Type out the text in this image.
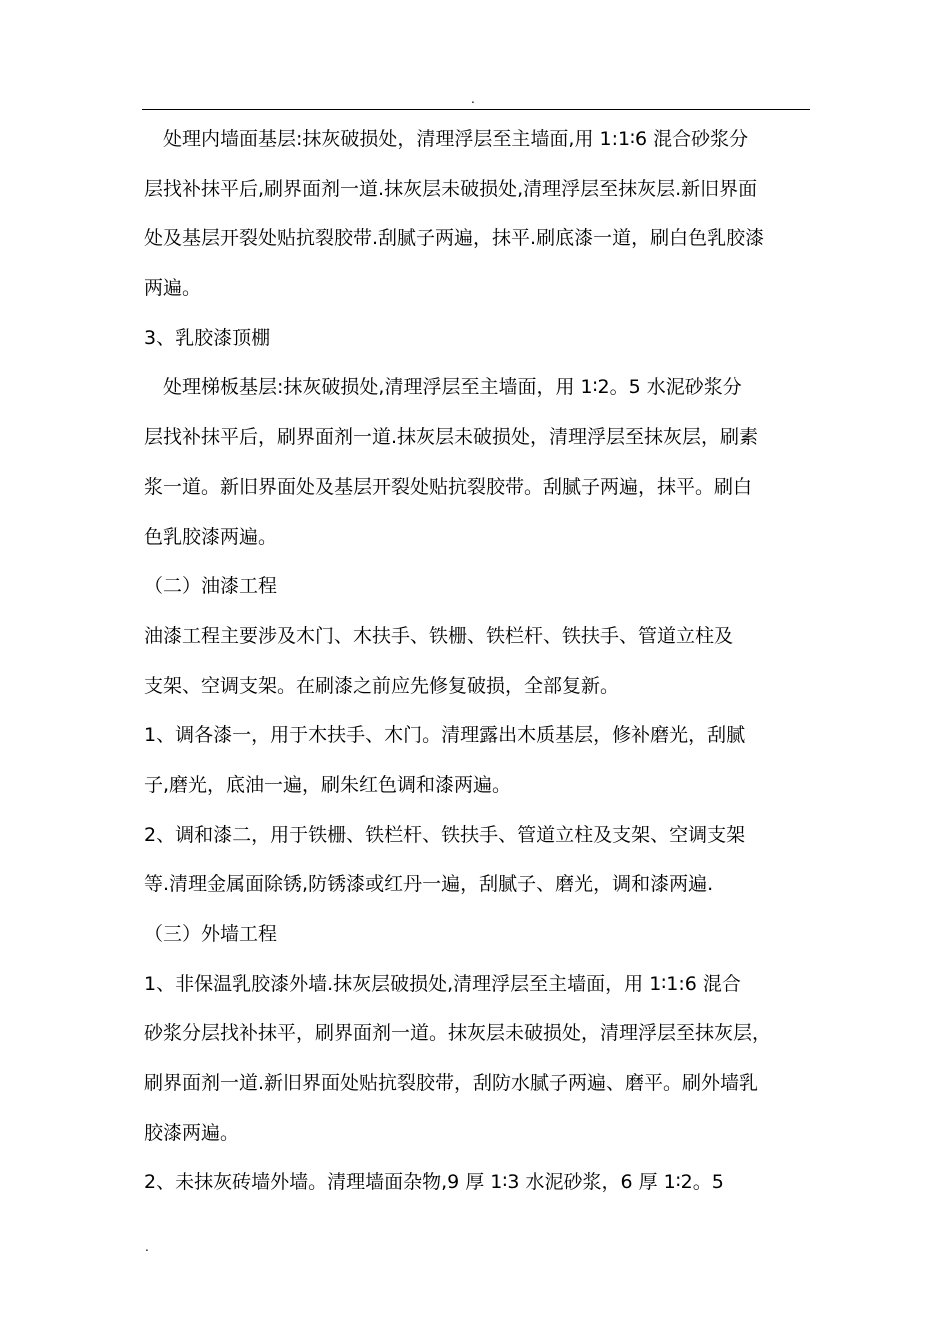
.
　处理内墙面基层:抹灰破损处，清理浮层至主墙面,用 1:1∶6 混合砂浆分
层找补抹平后,刷界面剂一道.抹灰层未破损处,清理浮层至抹灰层.新旧界面
处及基层开裂处贴抗裂胶带.刮腻子两遍，抹平.刷底漆一道，刷白色乳胶漆
两遍。
3、乳胶漆顶棚
　处理梯板基层:抹灰破损处,清理浮层至主墙面，用 1∶2。5 水泥砂浆分
层找补抹平后，刷界面剂一道.抹灰层未破损处，清理浮层至抹灰层，刷素
浆一道。新旧界面处及基层开裂处贴抗裂胶带。刮腻子两遍，抹平。刷白
色乳胶漆两遍。
（二）油漆工程
油漆工程主要涉及木门、木扶手、铁栅、铁栏杆、铁扶手、管道立柱及
支架、空调支架。在刷漆之前应先修复破损，全部复新。
1、调各漆一，用于木扶手、木门。清理露出木质基层，修补磨光，刮腻
子,磨光，底油一遍，刷朱红色调和漆两遍。
2、调和漆二，用于铁栅、铁栏杆、铁扶手、管道立柱及支架、空调支架
等.清理金属面除锈,防锈漆或红丹一遍，刮腻子、磨光，调和漆两遍.
（三）外墙工程
1、非保温乳胶漆外墙.抹灰层破损处,清理浮层至主墙面，用 1∶1:6 混合
砂浆分层找补抹平，刷界面剂一道。抹灰层未破损处，清理浮层至抹灰层，
刷界面剂一道.新旧界面处贴抗裂胶带，刮防水腻子两遍、磨平。刷外墙乳
胶漆两遍。
2、未抹灰砖墙外墙。清理墙面杂物,9 厚 1∶3 水泥砂浆，6 厚 1∶2。5
.
